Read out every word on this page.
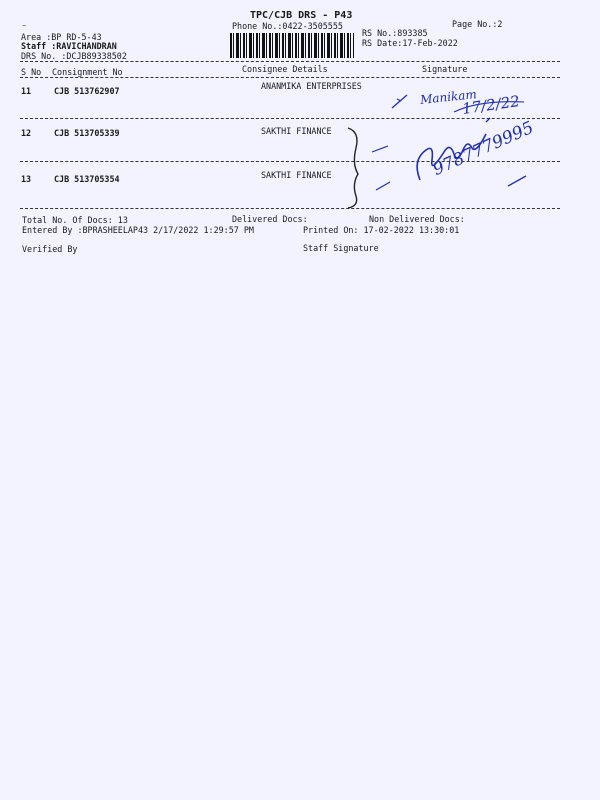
~
TPC/CJB DRS - P43
Phone No.:0422-3505555	Page No.:2
Area :BP RD-5-43
Staff :RAVICHANDRAN
DRS No. :DCJB89338502
RS No.:893385
RS Date:17-Feb-2022
S No Consignment No	Consignee Details	Signature
11	CJB 513762907	ANANMIKA ENTERPRISES
12	CJB 513705339	SAKTHI FINANCE
13	CJB 513705354	SAKTHI FINANCE
Manikam
17/2/22
9787779995
Total No. Of Docs: 13	Delivered Docs:	Non Delivered Docs:
Entered By :BPRASHEELAP43 2/17/2022 1:29:57 PM	Printed On: 17-02-2022 13:30:01
Verified By	Staff Signature
